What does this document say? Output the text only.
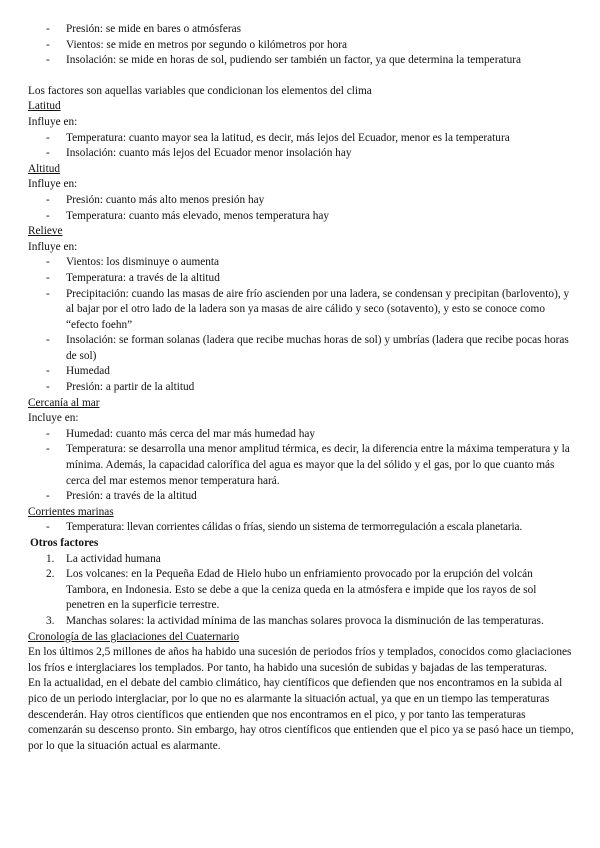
- Presión: se mide en bares o atmósferas
- Vientos: se mide en metros por segundo o kilómetros por hora
- Insolación: se mide en horas de sol, pudiendo ser también un factor, ya que determina la temperatura
Los factores son aquellas variables que condicionan los elementos del clima
Latitud
Influye en:
- Temperatura: cuanto mayor sea la latitud, es decir, más lejos del Ecuador, menor es la temperatura
- Insolación: cuanto más lejos del Ecuador menor insolación hay
Altitud
Influye en:
- Presión: cuanto más alto menos presión hay
- Temperatura: cuanto más elevado, menos temperatura hay
Relieve
Influye en:
- Vientos: los disminuye o aumenta
- Temperatura: a través de la altitud
- Precipitación: cuando las masas de aire frío ascienden por una ladera, se condensan y precipitan (barlovento), y al bajar por el otro lado de la ladera son ya masas de aire cálido y seco (sotavento), y esto se conoce como “efecto foehn”
- Insolación: se forman solanas (ladera que recibe muchas horas de sol) y umbrías (ladera que recibe pocas horas de sol)
- Humedad
- Presión: a partir de la altitud
Cercanía al mar
Incluye en:
- Humedad: cuanto más cerca del mar más humedad hay
- Temperatura: se desarrolla una menor amplitud térmica, es decir, la diferencia entre la máxima temperatura y la mínima. Además, la capacidad calorífica del agua es mayor que la del sólido y el gas, por lo que cuanto más cerca del mar estemos menor temperatura hará.
- Presión: a través de la altitud
Corrientes marinas
- Temperatura: llevan corrientes cálidas o frías, siendo un sistema de termorregulación a escala planetaria.
Otros factores
1. La actividad humana
2. Los volcanes: en la Pequeña Edad de Hielo hubo un enfriamiento provocado por la erupción del volcán Tambora, en Indonesia. Esto se debe a que la ceniza queda en la atmósfera e impide que los rayos de sol penetren en la superficie terrestre.
3. Manchas solares: la actividad mínima de las manchas solares provoca la disminución de las temperaturas.
Cronología de las glaciaciones del Cuaternario
En los últimos 2,5 millones de años ha habido una sucesión de periodos fríos y templados, conocidos como glaciaciones los fríos e interglaciares los templados. Por tanto, ha habido una sucesión de subidas y bajadas de las temperaturas.
En la actualidad, en el debate del cambio climático, hay científicos que defienden que nos encontramos en la subida al pico de un periodo interglaciar, por lo que no es alarmante la situación actual, ya que en un tiempo las temperaturas descenderán. Hay otros científicos que entienden que nos encontramos en el pico, y por tanto las temperaturas comenzarán su descenso pronto. Sin embargo, hay otros científicos que entienden que el pico ya se pasó hace un tiempo, por lo que la situación actual es alarmante.
